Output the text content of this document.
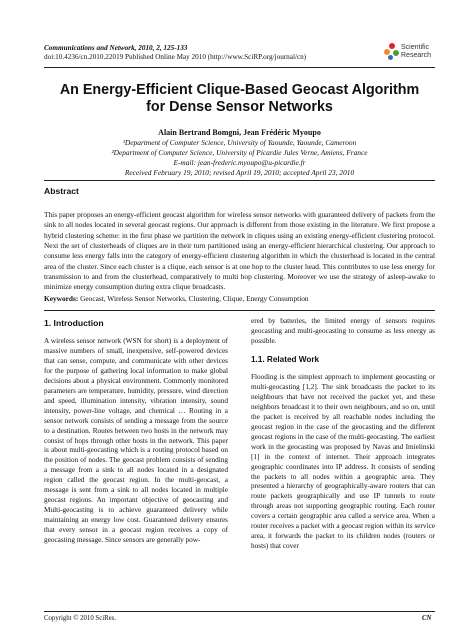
Communications and Network, 2010, 2, 125-133
doi:10.4236/cn.2010.22019 Published Online May 2010 (http://www.SciRP.org/journal/cn)
Scientific
Research
An Energy-Efficient Clique-Based Geocast Algorithm
for Dense Sensor Networks
Alain Bertrand Bomgni, Jean Frédéric Myoupo
¹Department of Computer Science, University of Yaounde, Yaounde, Cameroon
²Department of Computer Science, University of Picardie Jules Verne, Amiens, France
E-mail: jean-frederic.myoupo@u-picardie.fr
Received February 19, 2010; revised April 19, 2010; accepted April 23, 2010
Abstract
This paper proposes an energy-efficient geocast algorithm for wireless sensor networks with guaranteed delivery of packets from the sink to all nodes located in several geocast regions. Our approach is different from those existing in the literature. We first propose a hybrid clustering scheme: in the first phase we partition the network in cliques using an existing energy-efficient clustering protocol. Next the set of clusterheads of cliques are in their turn partitioned using an energy-efficient hierarchical clustering. Our approach to consume less energy falls into the category of energy-efficient clustering algorithm in which the clusterhead is located in the central area of the cluster. Since each cluster is a clique, each sensor is at one hop to the cluster head. This contributes to use less energy for transmission to and from the clusterhead, comparatively to multi hop clustering. Moreover we use the strategy of asleep-awake to minimize energy consumption during extra clique broadcasts.
Keywords: Geocast, Wireless Sensor Networks, Clustering, Clique, Energy Consumption
1. Introduction

A wireless sensor network (WSN for short) is a deployment of massive numbers of small, inexpensive, self-powered devices that can sense, compute, and communicate with other devices for the purpose of gathering local information to make global decisions about a physical environment. Commonly monitored parameters are temperature, humidity, pressure, wind direction and speed, illumination intensity, vibration intensity, sound intensity, power-line voltage, and chemical … Routing in a sensor network consists of sending a message from the source to a destination. Routes between two hosts in the network may consist of hops through other hosts in the network. This paper is about multi-geocasting which is a routing protocol based on the position of nodes. The geocast problem consists of sending a message from a sink to all nodes located in a designated region called the geocast region. In the multi-geocast, a message is sent from a sink to all nodes located in multiple geocast regions. An important objective of geocasting and Multi-geocasting is to achieve guaranteed delivery while maintaining an energy low cost. Guaranteed delivery ensures that every sensor in a geocast region receives a copy of geocasting message. Since sensors are generally pow-

ered by batteries, the limited energy of sensors requires geocasting and multi-geocasting to consume as less energy as possible.

1.1. Related Work

Flooding is the simplest approach to implement geocasting or multi-geocasting [1,2]. The sink broadcasts the packet to its neighbours that have not received the packet yet, and these neighbors broadcast it to their own neighbours, and so on, until the packet is received by all reachable nodes including the geocast region in the case of the geocasting and the different geocast regions in the case of the multi-geocasting. The earliest work in the geocasting was proposed by Navas and Imielinski [1] in the context of internet. Their approach integrates geographic coordinates into IP address. It consists of sending the packets to all nodes within a geographic area. They presented a hierarchy of geographically-aware routers that can route packets geographically and use IP tunnels to route through areas not supporting geographic routing. Each router covers a certain geographic area called a service area. When a router receives a packet with a geocast region within its service area, it forwards the packet to its children nodes (routers or hosts) that cover

Copyright © 2010 SciRes.	CN
